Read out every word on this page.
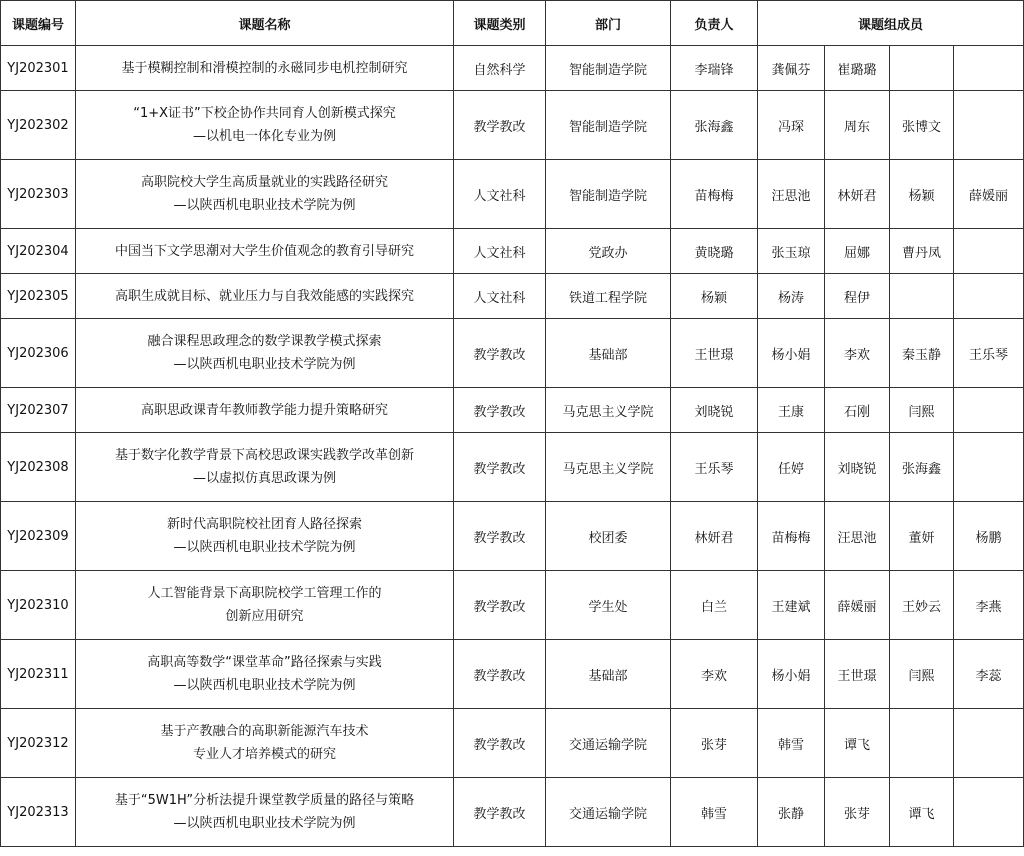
课题编号	课题名称	课题类别	部门	负责人	课题组成员			
YJ202301	基于模糊控制和滑模控制的永磁同步电机控制研究	自然科学	智能制造学院	李瑞锋	龚佩芬	崔璐璐		
YJ202302	“1+X证书”下校企协作共同育人创新模式探究
—以机电一体化专业为例	教学教改	智能制造学院	张海鑫	冯琛	周东	张博文	
YJ202303	高职院校大学生高质量就业的实践路径研究
—以陕西机电职业技术学院为例	人文社科	智能制造学院	苗梅梅	汪思池	林妍君	杨颖	薛媛丽
YJ202304	中国当下文学思潮对大学生价值观念的教育引导研究	人文社科	党政办	黄晓璐	张玉琼	屈娜	曹丹凤	
YJ202305	高职生成就目标、就业压力与自我效能感的实践探究	人文社科	铁道工程学院	杨颖	杨涛	程伊		
YJ202306	融合课程思政理念的数学课教学模式探索
—以陕西机电职业技术学院为例	教学教改	基础部	王世璟	杨小娟	李欢	秦玉静	王乐琴
YJ202307	高职思政课青年教师教学能力提升策略研究	教学教改	马克思主义学院	刘晓锐	王康	石刚	闫熙	
YJ202308	基于数字化教学背景下高校思政课实践教学改革创新
—以虚拟仿真思政课为例	教学教改	马克思主义学院	王乐琴	任婷	刘晓锐	张海鑫	
YJ202309	新时代高职院校社团育人路径探索
—以陕西机电职业技术学院为例	教学教改	校团委	林妍君	苗梅梅	汪思池	董妍	杨鹏
YJ202310	人工智能背景下高职院校学工管理工作的
创新应用研究	教学教改	学生处	白兰	王建斌	薛媛丽	王妙云	李燕
YJ202311	高职高等数学“课堂革命”路径探索与实践
—以陕西机电职业技术学院为例	教学教改	基础部	李欢	杨小娟	王世璟	闫熙	李蕊
YJ202312	基于产教融合的高职新能源汽车技术
专业人才培养模式的研究	教学教改	交通运输学院	张芽	韩雪	谭飞		
YJ202313	基于“5W1H”分析法提升课堂教学质量的路径与策略
—以陕西机电职业技术学院为例	教学教改	交通运输学院	韩雪	张静	张芽	谭飞	
